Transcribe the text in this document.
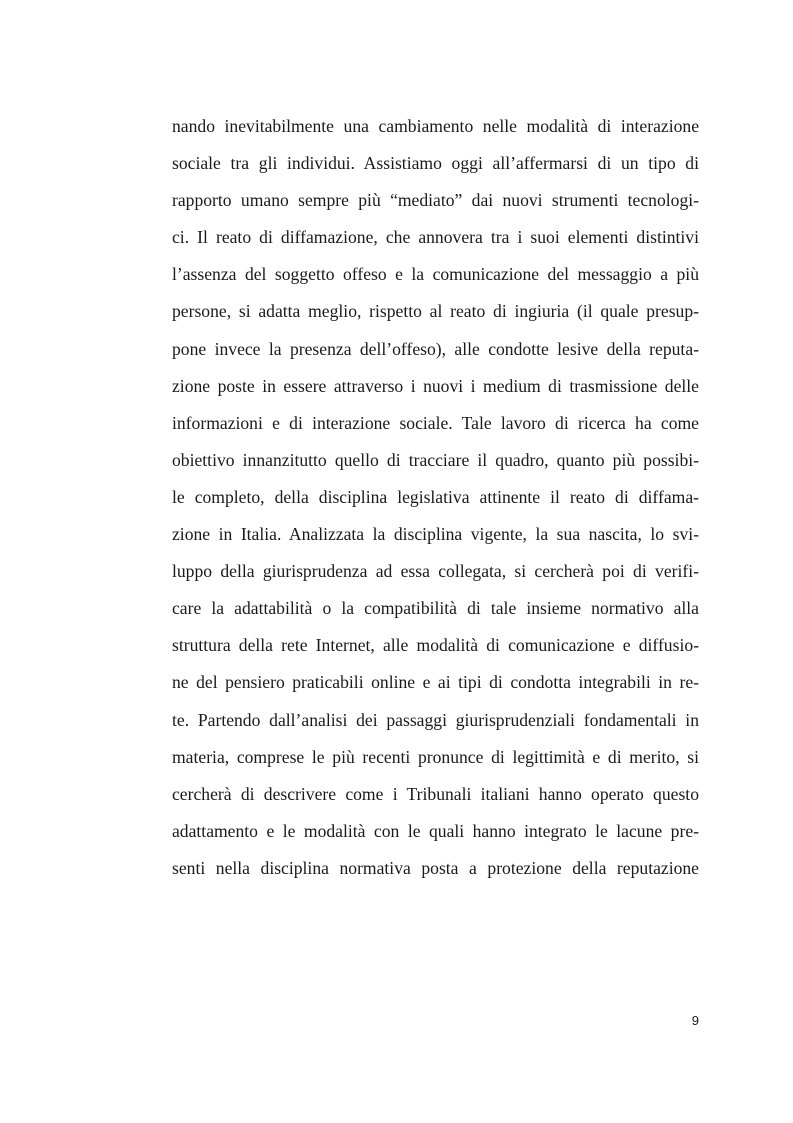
nando inevitabilmente una cambiamento nelle modalità di interazione
sociale tra gli individui. Assistiamo oggi all’affermarsi di un tipo di
rapporto umano sempre più “mediato” dai nuovi strumenti tecnologi-
ci. Il reato di diffamazione, che annovera tra i suoi elementi distintivi
l’assenza del soggetto offeso e la comunicazione del messaggio a più
persone, si adatta meglio, rispetto al reato di ingiuria (il quale presup-
pone invece la presenza dell’offeso), alle condotte lesive della reputa-
zione poste in essere attraverso i nuovi i medium di trasmissione delle
informazioni e di interazione sociale. Tale lavoro di ricerca ha come
obiettivo innanzitutto quello di tracciare il quadro, quanto più possibi-
le completo, della disciplina legislativa attinente il reato di diffama-
zione in Italia. Analizzata la disciplina vigente, la sua nascita, lo svi-
luppo della giurisprudenza ad essa collegata, si cercherà poi di verifi-
care la adattabilità o la compatibilità di tale insieme normativo alla
struttura della rete Internet, alle modalità di comunicazione e diffusio-
ne del pensiero praticabili online e ai tipi di condotta integrabili in re-
te. Partendo dall’analisi dei passaggi giurisprudenziali fondamentali in
materia, comprese le più recenti pronunce di legittimità e di merito, si
cercherà di descrivere come i Tribunali italiani hanno operato questo
adattamento e le modalità con le quali hanno integrato le lacune pre-
senti nella disciplina normativa posta a protezione della reputazione
9
